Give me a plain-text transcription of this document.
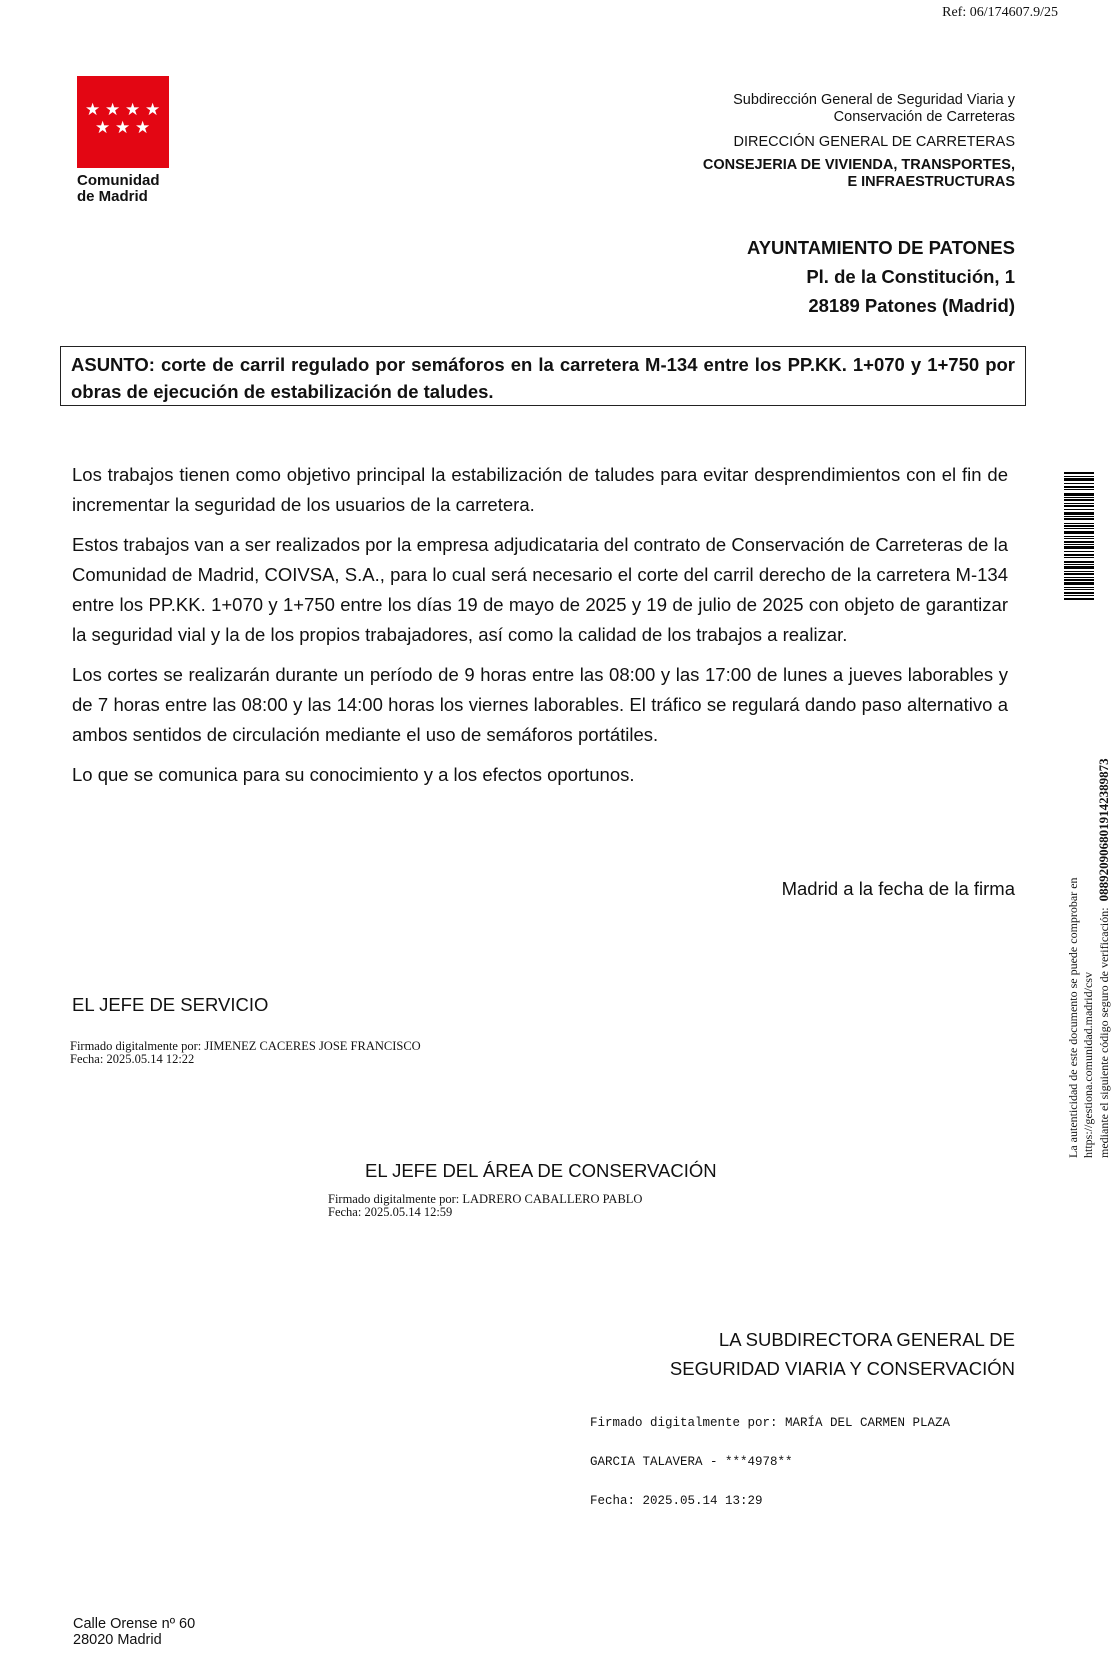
Ref: 06/174607.9/25
★ ★ ★ ★
★ ★ ★
Comunidad
de Madrid
Subdirección General de Seguridad Viaria y
Conservación de Carreteras
DIRECCIÓN GENERAL DE CARRETERAS
CONSEJERIA DE VIVIENDA, TRANSPORTES,
E INFRAESTRUCTURAS
AYUNTAMIENTO DE PATONES
Pl. de la Constitución, 1
28189 Patones (Madrid)
ASUNTO: corte de carril regulado por semáforos en la carretera M-134 entre los PP.KK. 1+070 y 1+750 por obras de ejecución de estabilización de taludes.

Los trabajos tienen como objetivo principal la estabilización de taludes para evitar desprendimientos con el fin de incrementar la seguridad de los usuarios de la carretera.

Estos trabajos van a ser realizados por la empresa adjudicataria del contrato de Conservación de Carreteras de la Comunidad de Madrid, COIVSA, S.A., para lo cual será necesario el corte del carril derecho de la carretera M-134 entre los PP.KK. 1+070 y 1+750 entre los días 19 de mayo de 2025 y 19 de julio de 2025 con objeto de garantizar la seguridad vial y la de los propios trabajadores, así como la calidad de los trabajos a realizar.

Los cortes se realizarán durante un período de 9 horas entre las 08:00 y las 17:00 de lunes a jueves laborables y de 7 horas entre las 08:00 y las 14:00 horas los viernes laborables. El tráfico se regulará dando paso alternativo a ambos sentidos de circulación mediante el uso de semáforos portátiles.

Lo que se comunica para su conocimiento y a los efectos oportunos.

Madrid a la fecha de la firma
EL JEFE DE SERVICIO
Firmado digitalmente por: JIMENEZ CACERES JOSE FRANCISCO
Fecha: 2025.05.14 12:22
EL JEFE DEL ÁREA DE CONSERVACIÓN
Firmado digitalmente por: LADRERO CABALLERO PABLO
Fecha: 2025.05.14 12:59
LA SUBDIRECTORA GENERAL DE
SEGURIDAD VIARIA Y CONSERVACIÓN

Firmado digitalmente por: MARÍA DEL CARMEN PLAZA

GARCIA TALAVERA - ***4978**

Fecha: 2025.05.14 13:29

Calle Orense nº 60
28020 Madrid
La autenticidad de este documento se puede comprobar en https://gestiona.comunidad.madrid/csv mediante el siguiente código seguro de verificación:  0889209068019142389873
